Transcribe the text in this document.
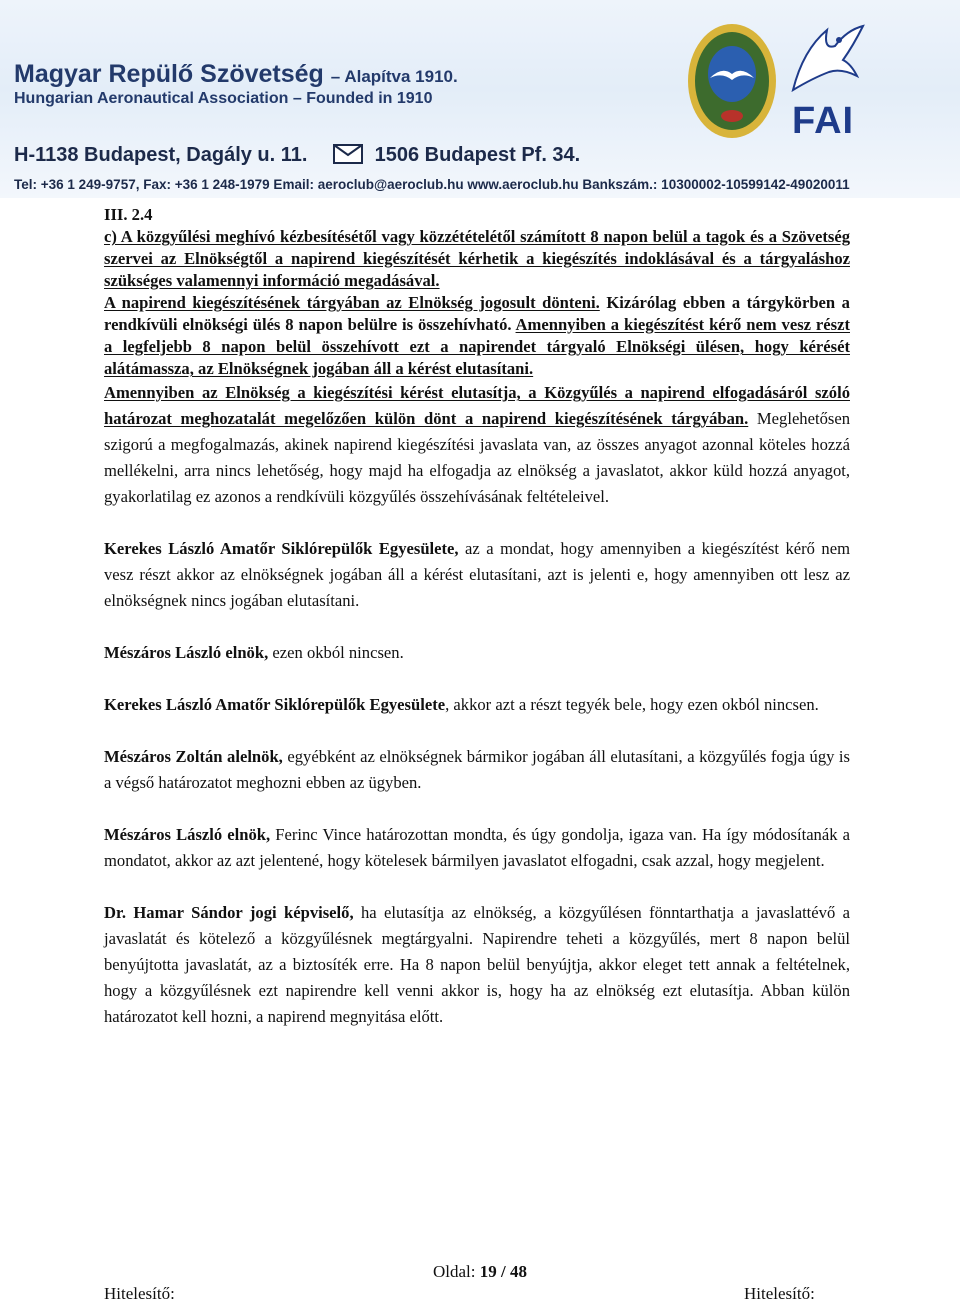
Magyar Repülő Szövetség – Alapítva 1910.
Hungarian Aeronautical Association – Founded in 1910
H-1138 Budapest, Dagály u. 11.	1506 Budapest Pf. 34.
Tel: +36 1 249-9757, Fax: +36 1 248-1979 Email: aeroclub@aeroclub.hu www.aeroclub.hu Bankszám.: 10300002-10599142-49020011
FAI

III. 2.4

c) A közgyűlési meghívó kézbesítésétől vagy közzétételétől számított 8 napon belül a tagok és a Szövetség szervei az Elnökségtől a napirend kiegészítését kérhetik a kiegészítés indoklásával és a tárgyaláshoz szükséges valamennyi információ megadásával.

A napirend kiegészítésének tárgyában az Elnökség jogosult dönteni. Kizárólag ebben a tárgykörben a rendkívüli elnökségi ülés 8 napon belülre is összehívható. Amennyiben a kiegészítést kérő nem vesz részt a legfeljebb 8 napon belül összehívott ezt a napirendet tárgyaló Elnökségi ülésen, hogy kérését alátámassza, az Elnökségnek jogában áll a kérést elutasítani.

Amennyiben az Elnökség a kiegészítési kérést elutasítja, a Közgyűlés a napirend elfogadásáról szóló határozat meghozatalát megelőzően külön dönt a napirend kiegészítésének tárgyában. Meglehetősen szigorú a megfogalmazás, akinek napirend kiegészítési javaslata van, az összes anyagot azonnal köteles hozzá mellékelni, arra nincs lehetőség, hogy majd ha elfogadja az elnökség a javaslatot, akkor küld hozzá anyagot, gyakorlatilag ez azonos a rendkívüli közgyűlés összehívásának feltételeivel.

Kerekes László Amatőr Siklórepülők Egyesülete, az a mondat, hogy amennyiben a kiegészítést kérő nem vesz részt akkor az elnökségnek jogában áll a kérést elutasítani, azt is jelenti e, hogy amennyiben ott lesz az elnökségnek nincs jogában elutasítani.

Mészáros László elnök, ezen okból nincsen.

Kerekes László Amatőr Siklórepülők Egyesülete, akkor azt a részt tegyék bele, hogy ezen okból nincsen.

Mészáros Zoltán alelnök, egyébként az elnökségnek bármikor jogában áll elutasítani, a közgyűlés fogja úgy is a végső határozatot meghozni ebben az ügyben.

Mészáros László elnök, Ferinc Vince határozottan mondta, és úgy gondolja, igaza van. Ha így módosítanák a mondatot, akkor az azt jelentené, hogy kötelesek bármilyen javaslatot elfogadni, csak azzal, hogy megjelent.

Dr. Hamar Sándor jogi képviselő, ha elutasítja az elnökség, a közgyűlésen fönntarthatja a javaslattévő a javaslatát és kötelező a közgyűlésnek megtárgyalni. Napirendre teheti a közgyűlés, mert 8 napon belül benyújtotta javaslatát, az a biztosíték erre. Ha 8 napon belül benyújtja, akkor eleget tett annak a feltételnek, hogy a közgyűlésnek ezt napirendre kell venni akkor is, hogy ha az elnökség ezt elutasítja. Abban külön határozatot kell hozni, a napirend megnyitása előtt.

Oldal: 19 / 48
Hitelesítő:	Hitelesítő:
